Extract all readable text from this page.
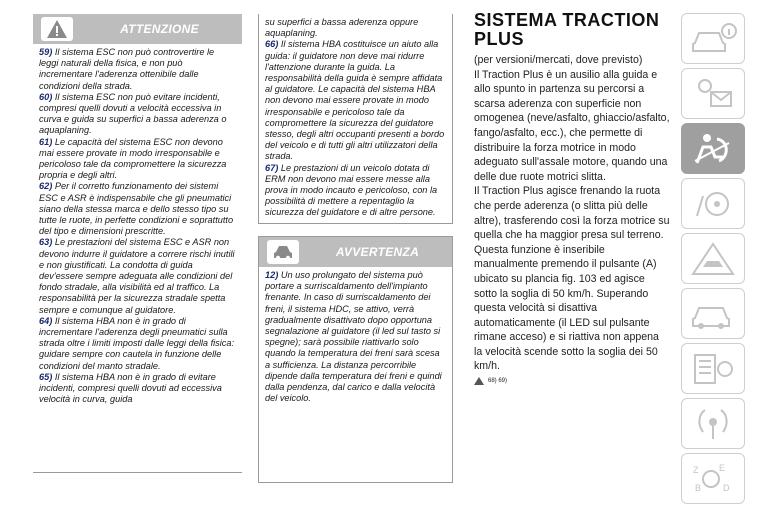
ATTENZIONE

59) Il sistema ESC non può controvertire le leggi naturali della fisica, e non può incrementare l'aderenza ottenibile dalle condizioni della strada.

60) Il sistema ESC non può evitare incidenti, compresi quelli dovuti a velocità eccessiva in curva e guida su superfici a bassa aderenza o aquaplaning.

61) Le capacità del sistema ESC non devono mai essere provate in modo irresponsabile e pericoloso tale da compromettere la sicurezza propria e degli altri.

62) Per il corretto funzionamento dei sistemi ESC e ASR è indispensabile che gli pneumatici siano della stessa marca e dello stesso tipo su tutte le ruote, in perfette condizioni e soprattutto del tipo e dimensioni prescritte.

63) Le prestazioni del sistema ESC e ASR non devono indurre il guidatore a correre rischi inutili e non giustificati. La condotta di guida dev'essere sempre adeguata alle condizioni del fondo stradale, alla visibilità ed al traffico. La responsabilità per la sicurezza stradale spetta sempre e comunque al guidatore.

64) Il sistema HBA non è in grado di incrementare l'aderenza degli pneumatici sulla strada oltre i limiti imposti dalle leggi della fisica: guidare sempre con cautela in funzione delle condizioni del manto stradale.

65) Il sistema HBA non è in grado di evitare incidenti, compresi quelli dovuti ad eccessiva velocità in curva, guida

su superfici a bassa aderenza oppure aquaplaning.

66) Il sistema HBA costituisce un aiuto alla guida: il guidatore non deve mai ridurre l'attenzione durante la guida. La responsabilità della guida è sempre affidata al guidatore. Le capacità del sistema HBA non devono mai essere provate in modo irresponsabile e pericoloso tale da compromettere la sicurezza del guidatore stesso, degli altri occupanti presenti a bordo del veicolo e di tutti gli altri utilizzatori della strada.

67) Le prestazioni di un veicolo dotata di ERM non devono mai essere messe alla prova in modo incauto e pericoloso, con la possibilità di mettere a repentaglio la sicurezza del guidatore e di altre persone.

AVVERTENZA

12) Un uso prolungato del sistema può portare a surriscaldamento dell'impianto frenante. In caso di surriscaldamento dei freni, il sistema HDC, se attivo, verrà gradualmente disattivato dopo opportuna segnalazione al guidatore (il led sul tasto si spegne); sarà possibile riattivarlo solo quando la temperatura dei freni sarà scesa a sufficienza. La distanza percorribile dipende dalla temperatura dei freni e quindi dalla pendenza, dal carico e dalla velocità del veicolo.

SISTEMA TRACTION
PLUS

(per versioni/mercati, dove previsto)

Il Traction Plus è un ausilio alla guida e allo spunto in partenza su percorsi a scarsa aderenza con superficie non omogenea (neve/asfalto, ghiaccio/asfalto, fango/asfalto, ecc.), che permette di distribuire la forza motrice in modo adeguato sull'assale motore, quando una delle due ruote motrici slitta.

Il Traction Plus agisce frenando la ruota che perde aderenza (o slitta più delle altre), trasferendo così la forza motrice su quella che ha maggior presa sul terreno.

Questa funzione è inseribile manualmente premendo il pulsante (A) ubicato su plancia fig. 103 ed agisce sotto la soglia di 50 km/h. Superando questa velocità si disattiva automaticamente (il LED sul pulsante rimane acceso) e si riattiva non appena la velocità scende sotto la soglia dei 50 km/h.

68) 69)
Z E
B D
